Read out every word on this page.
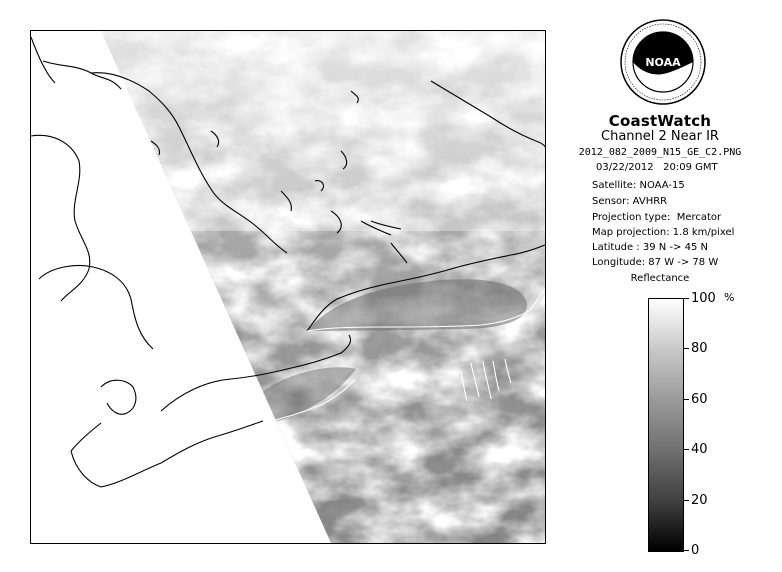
NOAA
CoastWatch
Channel 2 Near IR
2012_082_2009_N15_GE_C2.PNG
03/22/2012   20:09 GMT
Satellite: NOAA-15
Sensor: AVHRR
Projection type:  Mercator
Map projection: 1.8 km/pixel
Latitude : 39 N -> 45 N
Longitude: 87 W -> 78 W
Reflectance
%
100
80
60
40
20
0
